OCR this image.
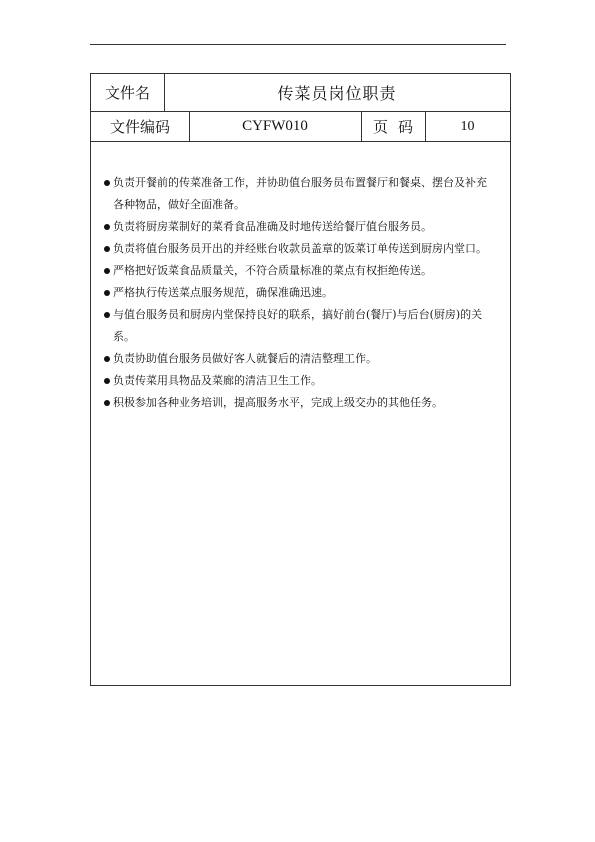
文件名	传菜员岗位职责
文件编码	CYFW010	页码	10
负责开餐前的传菜准备工作，并协助值台服务员布置餐厅和餐桌、摆台及补充各种物品，做好全面准备。
负责将厨房菜制好的菜肴食品准确及时地传送给餐厅值台服务员。
负责将值台服务员开出的并经账台收款员盖章的饭菜订单传送到厨房内堂口。
严格把好饭菜食品质量关，不符合质量标准的菜点有权拒绝传送。
严格执行传送菜点服务规范，确保准确迅速。
与值台服务员和厨房内堂保持良好的联系，搞好前台(餐厅)与后台(厨房)的关系。
负责协助值台服务员做好客人就餐后的清洁整理工作。
负责传菜用具物品及菜廊的清洁卫生工作。
积极参加各种业务培训，提高服务水平，完成上级交办的其他任务。
